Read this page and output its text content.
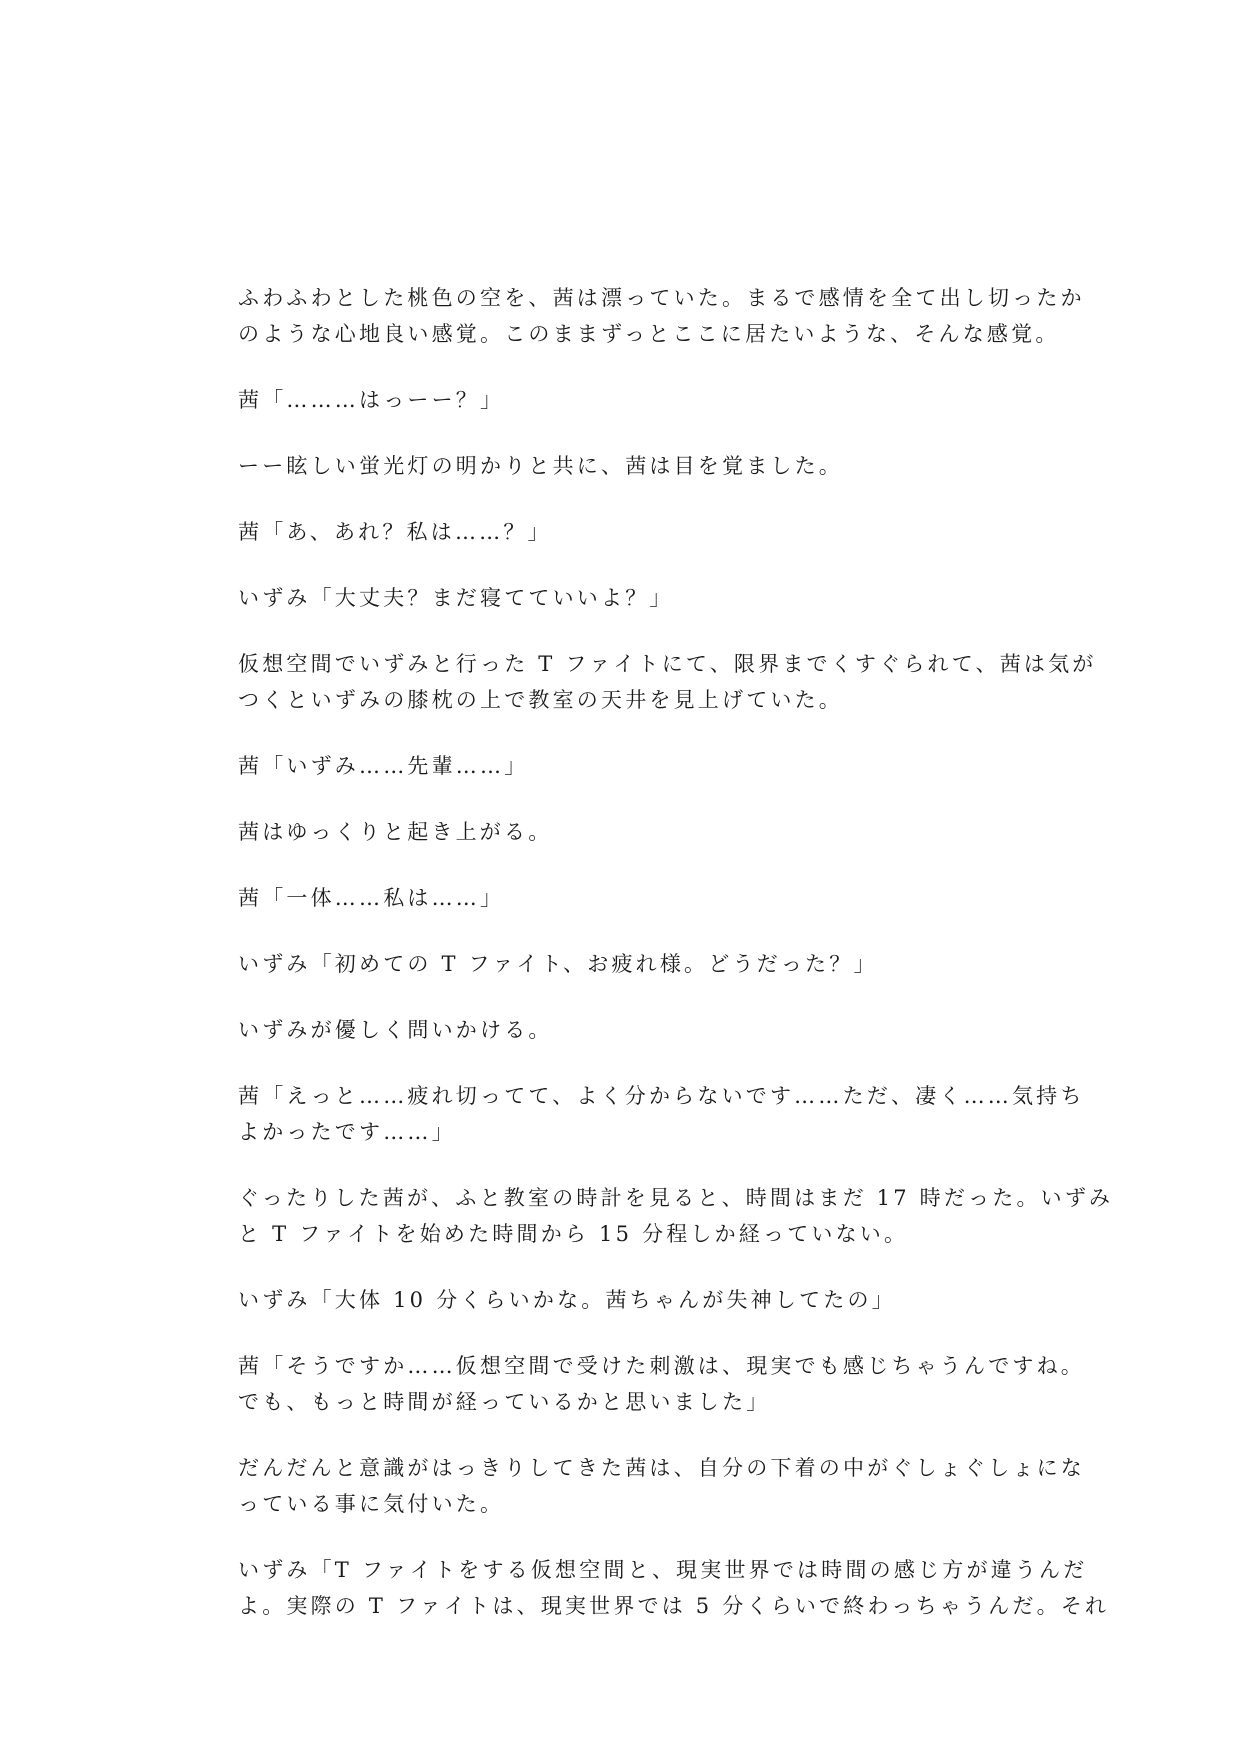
ふわふわとした桃色の空を、茜は漂っていた。まるで感情を全て出し切ったか
のような心地良い感覚。このままずっとここに居たいような、そんな感覚。

茜「………はっーー？」

ーー眩しい蛍光灯の明かりと共に、茜は目を覚ました。

茜「あ、あれ？私は……？」

いずみ「大丈夫？まだ寝てていいよ？」

仮想空間でいずみと行った T ファイトにて、限界までくすぐられて、茜は気が
つくといずみの膝枕の上で教室の天井を見上げていた。

茜「いずみ……先輩……」

茜はゆっくりと起き上がる。

茜「一体……私は……」

いずみ「初めての T ファイト、お疲れ様。どうだった？」

いずみが優しく問いかける。

茜「えっと……疲れ切ってて、よく分からないです……ただ、凄く……気持ち
よかったです……」

ぐったりした茜が、ふと教室の時計を見ると、時間はまだ 17 時だった。いずみ
と T ファイトを始めた時間から 15 分程しか経っていない。

いずみ「大体 10 分くらいかな。茜ちゃんが失神してたの」

茜「そうですか……仮想空間で受けた刺激は、現実でも感じちゃうんですね。
でも、もっと時間が経っているかと思いました」

だんだんと意識がはっきりしてきた茜は、自分の下着の中がぐしょぐしょにな
っている事に気付いた。

いずみ「T ファイトをする仮想空間と、現実世界では時間の感じ方が違うんだ
よ。実際の T ファイトは、現実世界では 5 分くらいで終わっちゃうんだ。それ
